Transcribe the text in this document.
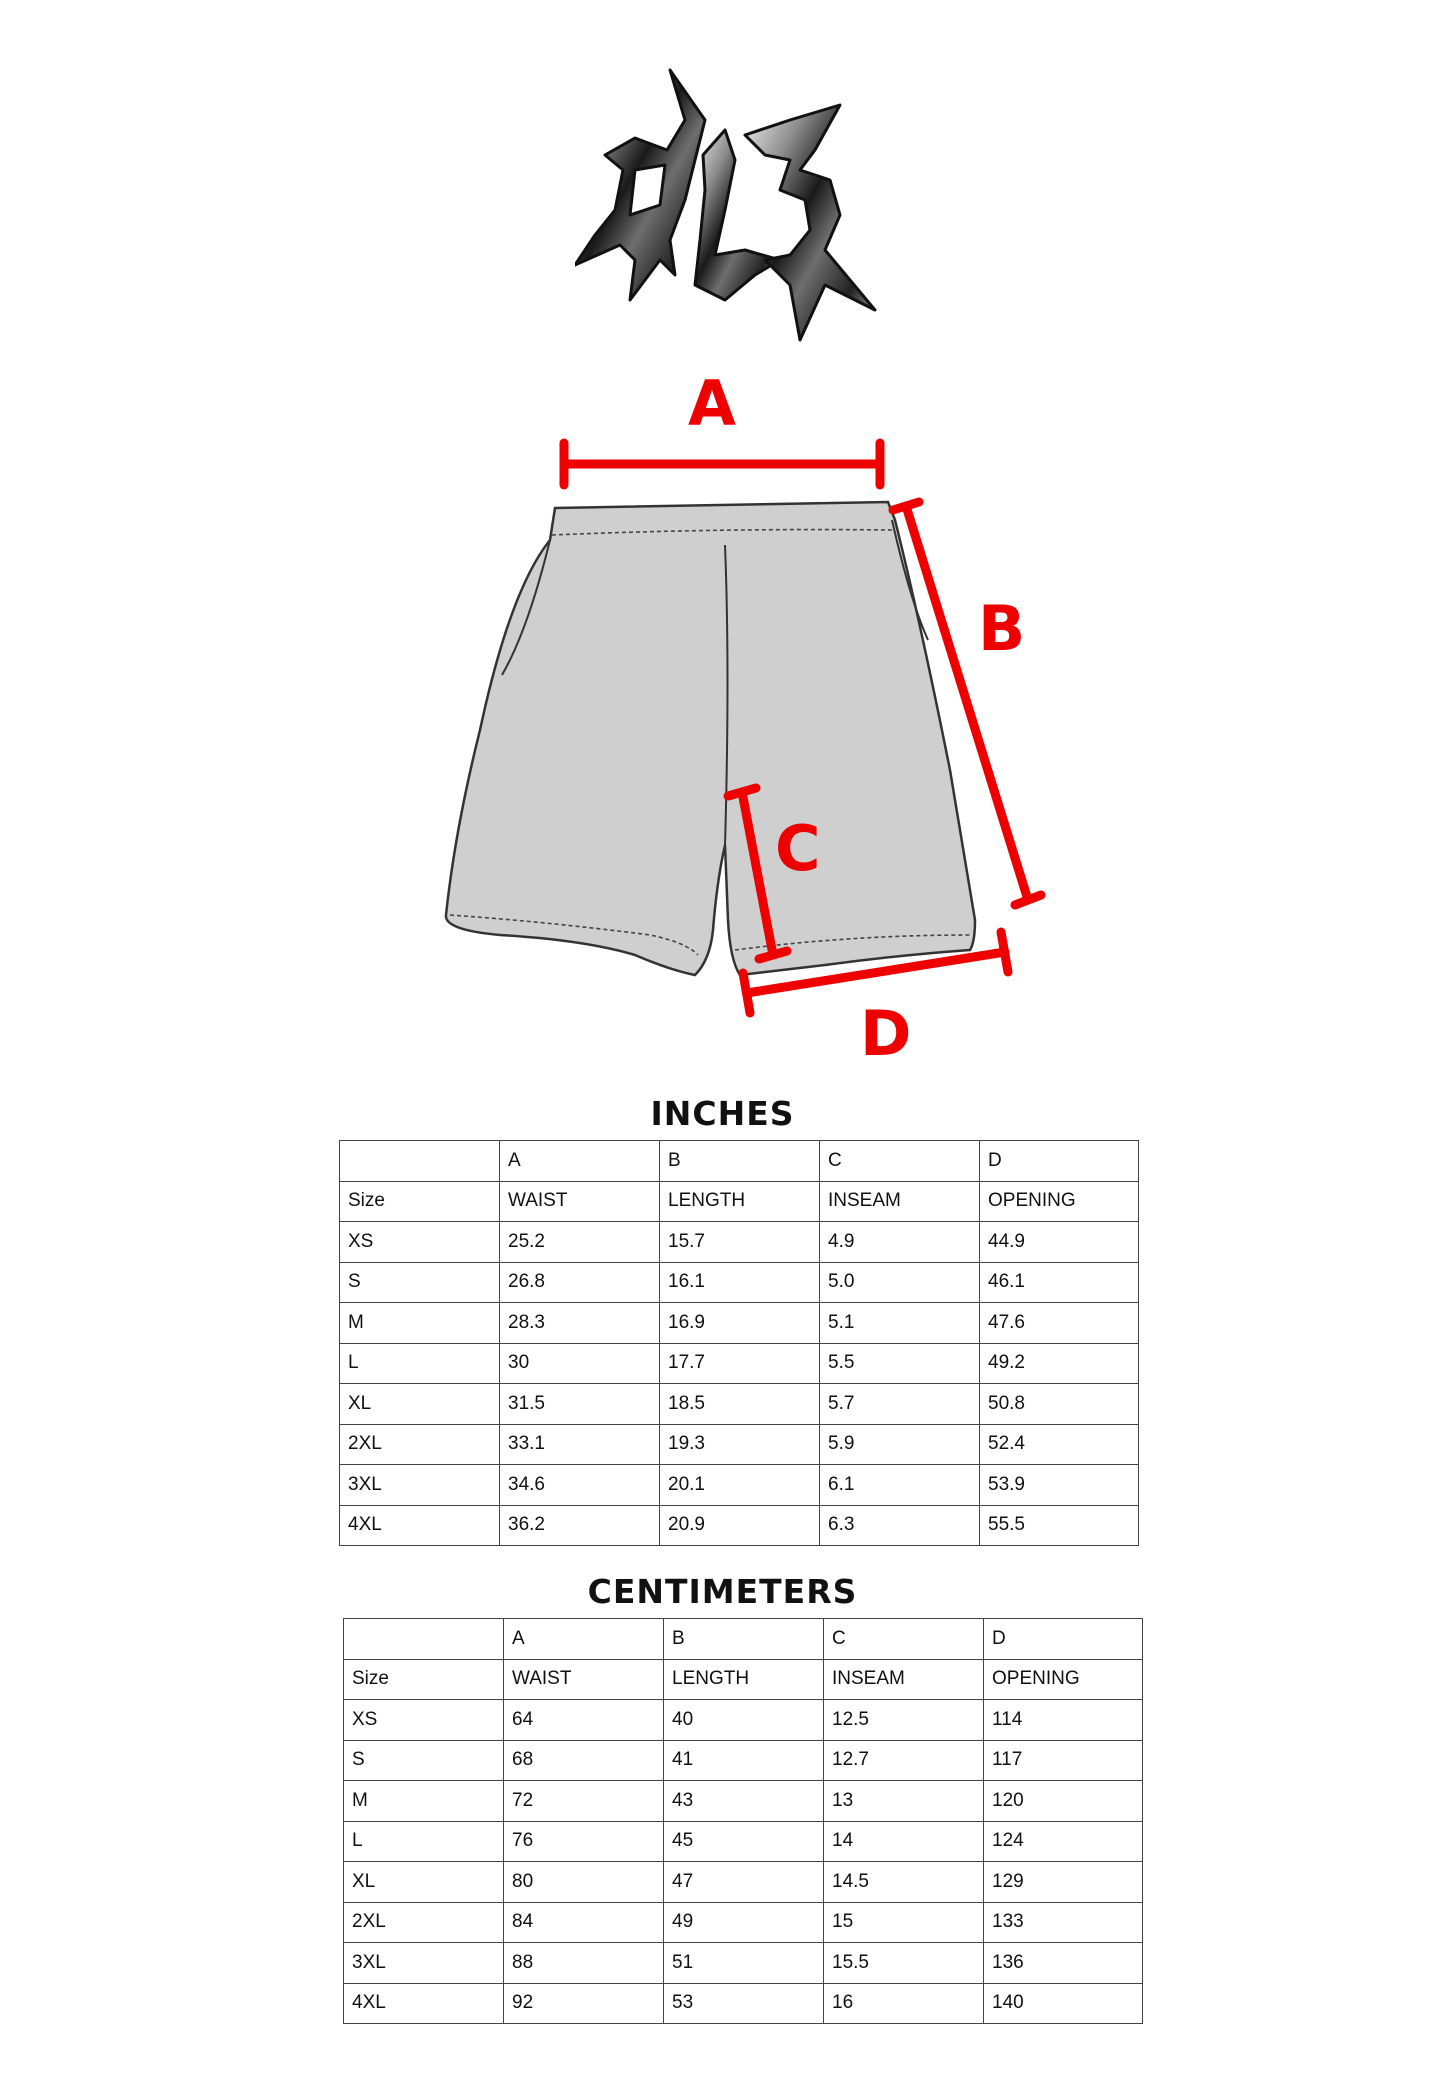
A
B
C
D
INCHES
	A	B	C	D
Size	WAIST	LENGTH	INSEAM	OPENING
XS	25.2	15.7	4.9	44.9
S	26.8	16.1	5.0	46.1
M	28.3	16.9	5.1	47.6
L	30	17.7	5.5	49.2
XL	31.5	18.5	5.7	50.8
2XL	33.1	19.3	5.9	52.4
3XL	34.6	20.1	6.1	53.9
4XL	36.2	20.9	6.3	55.5
CENTIMETERS
	A	B	C	D
Size	WAIST	LENGTH	INSEAM	OPENING
XS	64	40	12.5	114
S	68	41	12.7	117
M	72	43	13	120
L	76	45	14	124
XL	80	47	14.5	129
2XL	84	49	15	133
3XL	88	51	15.5	136
4XL	92	53	16	140
